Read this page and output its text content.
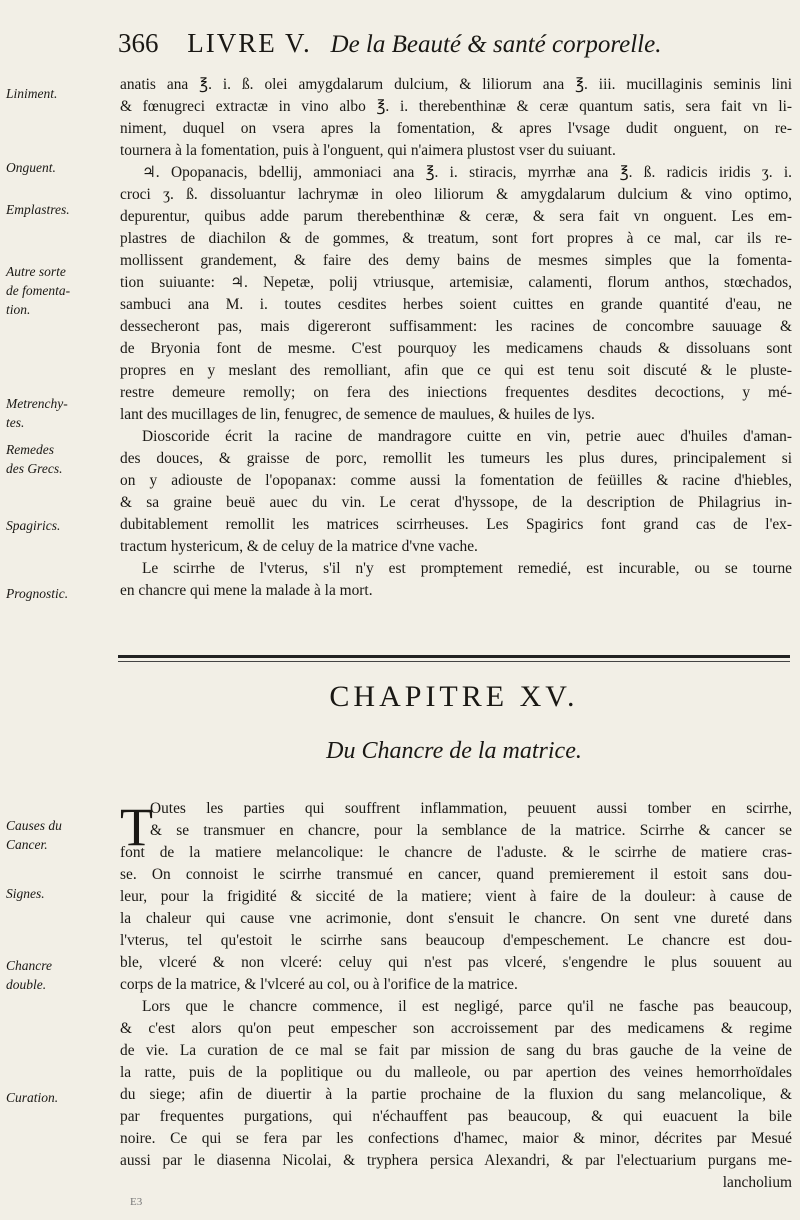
366 LIVRE V. De la Beauté & santé corporelle.
Liniment.
Onguent.
Emplastres.
Autre sorte
de fomenta-
tion.
Metrenchy-
tes.
Remedes
des Grecs.
Spagirics.
Prognostic.
Causes du
Cancer.
Signes.
Chancre
double.
Curation.
anatis ana ℥. i. ß. olei amygdalarum dulcium, & liliorum ana ℥. iii. mucillaginis seminis lini
& fœnugreci extractæ in vino albo ℥. i. therebenthinæ & ceræ quantum satis, sera fait vn li-
niment, duquel on vsera apres la fomentation, & apres l'vsage dudit onguent, on re-
tournera à la fomentation, puis à l'onguent, qui n'aimera plustost vser du suiuant.
♃. Opopanacis, bdellij, ammoniaci ana ℥. i. stiracis, myrrhæ ana ℥. ß. radicis iridis ʒ. i.
croci ʒ. ß. dissoluantur lachrymæ in oleo liliorum & amygdalarum dulcium & vino optimo,
depurentur, quibus adde parum therebenthinæ & ceræ, & sera fait vn onguent. Les em-
plastres de diachilon & de gommes, & treatum, sont fort propres à ce mal, car ils re-
mollissent grandement, & faire des demy bains de mesmes simples que la fomenta-
tion suiuante: ♃. Nepetæ, polij vtriusque, artemisiæ, calamenti, florum anthos, stœchados,
sambuci ana M. i. toutes cesdites herbes soient cuittes en grande quantité d'eau, ne
dessecheront pas, mais digereront suffisamment: les racines de concombre sauuage &
de Bryonia font de mesme. C'est pourquoy les medicamens chauds & dissoluans sont
propres en y meslant des remolliant, afin que ce qui est tenu soit discuté & le pluste-
restre demeure remolly; on fera des iniections frequentes desdites decoctions, y mé-
lant des mucillages de lin, fenugrec, de semence de maulues, & huiles de lys.
Dioscoride écrit la racine de mandragore cuitte en vin, petrie auec d'huiles d'aman-
des douces, & graisse de porc, remollit les tumeurs les plus dures, principalement si
on y adiouste de l'opopanax: comme aussi la fomentation de feüilles & racine d'hiebles,
& sa graine beuë auec du vin. Le cerat d'hyssope, de la description de Philagrius in-
dubitablement remollit les matrices scirrheuses. Les Spagirics font grand cas de l'ex-
tractum hystericum, & de celuy de la matrice d'vne vache.
Le scirrhe de l'vterus, s'il n'y est promptement remedié, est incurable, ou se tourne
en chancre qui mene la malade à la mort.
CHAPITRE XV.
Du Chancre de la matrice.
T
Outes les parties qui souffrent inflammation, peuuent aussi tomber en scirrhe,
& se transmuer en chancre, pour la semblance de la matrice. Scirrhe & cancer se
font de la matiere melancolique: le chancre de l'aduste. & le scirrhe de matiere cras-
se. On connoist le scirrhe transmué en cancer, quand premierement il estoit sans dou-
leur, pour la frigidité & siccité de la matiere; vient à faire de la douleur: à cause de
la chaleur qui cause vne acrimonie, dont s'ensuit le chancre. On sent vne dureté dans
l'vterus, tel qu'estoit le scirrhe sans beaucoup d'empeschement. Le chancre est dou-
ble, vlceré & non vlceré: celuy qui n'est pas vlceré, s'engendre le plus souuent au
corps de la matrice, & l'vlceré au col, ou à l'orifice de la matrice.
Lors que le chancre commence, il est negligé, parce qu'il ne fasche pas beaucoup,
& c'est alors qu'on peut empescher son accroissement par des medicamens & regime
de vie. La curation de ce mal se fait par mission de sang du bras gauche de la veine de
la ratte, puis de la poplitique ou du malleole, ou par apertion des veines hemorrhoïdales
du siege; afin de diuertir à la partie prochaine de la fluxion du sang melancolique, &
par frequentes purgations, qui n'échauffent pas beaucoup, & qui euacuent la bile
noire. Ce qui se fera par les confections d'hamec, maior & minor, décrites par Mesué
aussi par le diasenna Nicolai, & tryphera persica Alexandri, & par l'electuarium purgans me-
lancholium
E3
